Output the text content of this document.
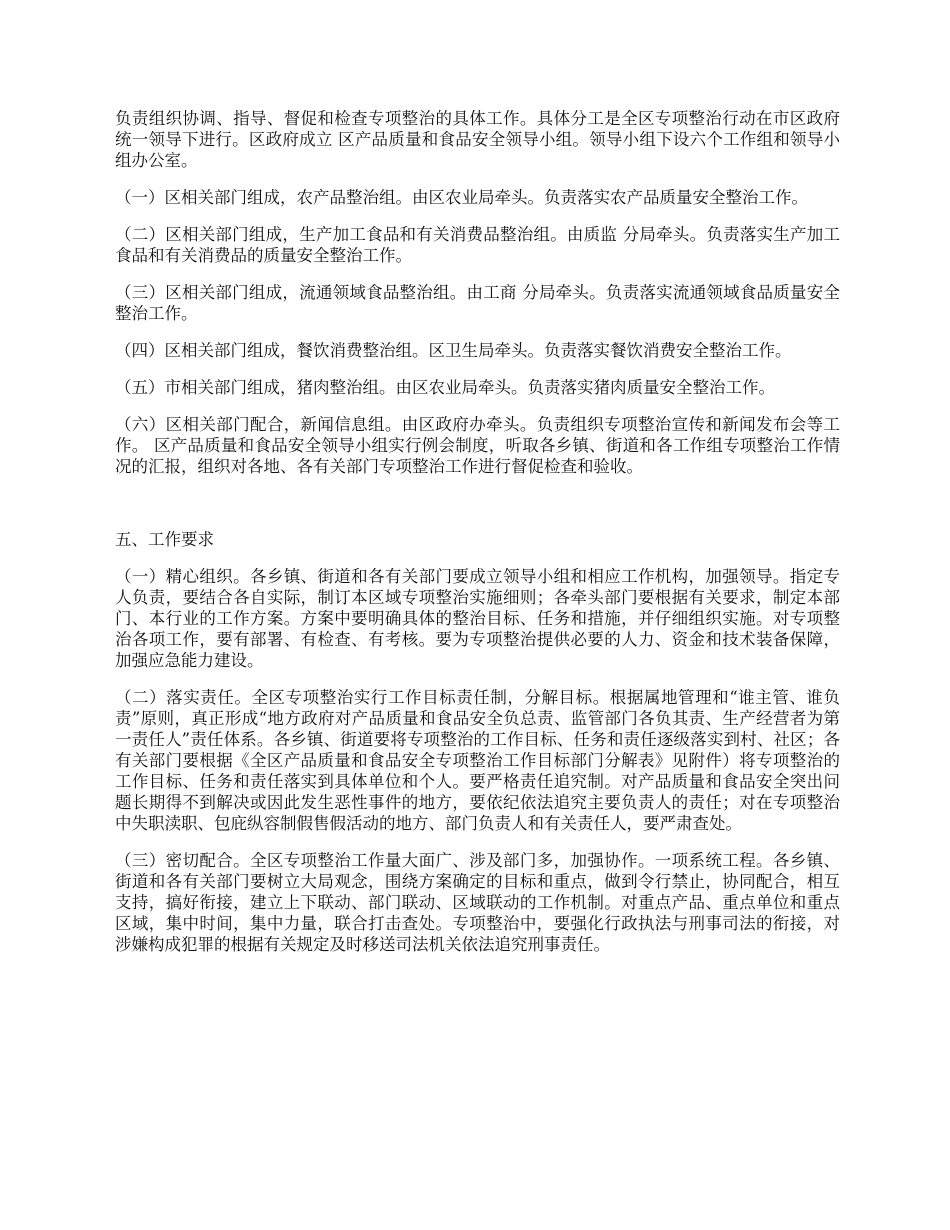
负责组织协调、指导、督促和检查专项整治的具体工作。具体分工是全区专项整治行动在市区政府统一领导下进行。区政府成立 区产品质量和食品安全领导小组。领导小组下设六个工作组和领导小组办公室。

（一）区相关部门组成，农产品整治组。由区农业局牵头。负责落实农产品质量安全整治工作。

（二）区相关部门组成，生产加工食品和有关消费品整治组。由质监 分局牵头。负责落实生产加工食品和有关消费品的质量安全整治工作。

（三）区相关部门组成，流通领域食品整治组。由工商 分局牵头。负责落实流通领域食品质量安全整治工作。

（四）区相关部门组成，餐饮消费整治组。区卫生局牵头。负责落实餐饮消费安全整治工作。

（五）市相关部门组成，猪肉整治组。由区农业局牵头。负责落实猪肉质量安全整治工作。

（六）区相关部门配合，新闻信息组。由区政府办牵头。负责组织专项整治宣传和新闻发布会等工作。 区产品质量和食品安全领导小组实行例会制度，听取各乡镇、街道和各工作组专项整治工作情况的汇报，组织对各地、各有关部门专项整治工作进行督促检查和验收。

五、工作要求

（一）精心组织。各乡镇、街道和各有关部门要成立领导小组和相应工作机构，加强领导。指定专人负责，要结合各自实际，制订本区域专项整治实施细则；各牵头部门要根据有关要求，制定本部门、本行业的工作方案。方案中要明确具体的整治目标、任务和措施，并仔细组织实施。对专项整治各项工作，要有部署、有检查、有考核。要为专项整治提供必要的人力、资金和技术装备保障，加强应急能力建设。

（二）落实责任。全区专项整治实行工作目标责任制，分解目标。根据属地管理和“谁主管、谁负责”原则，真正形成“地方政府对产品质量和食品安全负总责、监管部门各负其责、生产经营者为第一责任人”责任体系。各乡镇、街道要将专项整治的工作目标、任务和责任逐级落实到村、社区；各有关部门要根据《全区产品质量和食品安全专项整治工作目标部门分解表》见附件）将专项整治的工作目标、任务和责任落实到具体单位和个人。要严格责任追究制。对产品质量和食品安全突出问题长期得不到解决或因此发生恶性事件的地方，要依纪依法追究主要负责人的责任；对在专项整治中失职渎职、包庇纵容制假售假活动的地方、部门负责人和有关责任人，要严肃查处。

（三）密切配合。全区专项整治工作量大面广、涉及部门多，加强协作。一项系统工程。各乡镇、街道和各有关部门要树立大局观念，围绕方案确定的目标和重点，做到令行禁止，协同配合，相互支持，搞好衔接，建立上下联动、部门联动、区域联动的工作机制。对重点产品、重点单位和重点区域，集中时间，集中力量，联合打击查处。专项整治中，要强化行政执法与刑事司法的衔接，对涉嫌构成犯罪的根据有关规定及时移送司法机关依法追究刑事责任。
